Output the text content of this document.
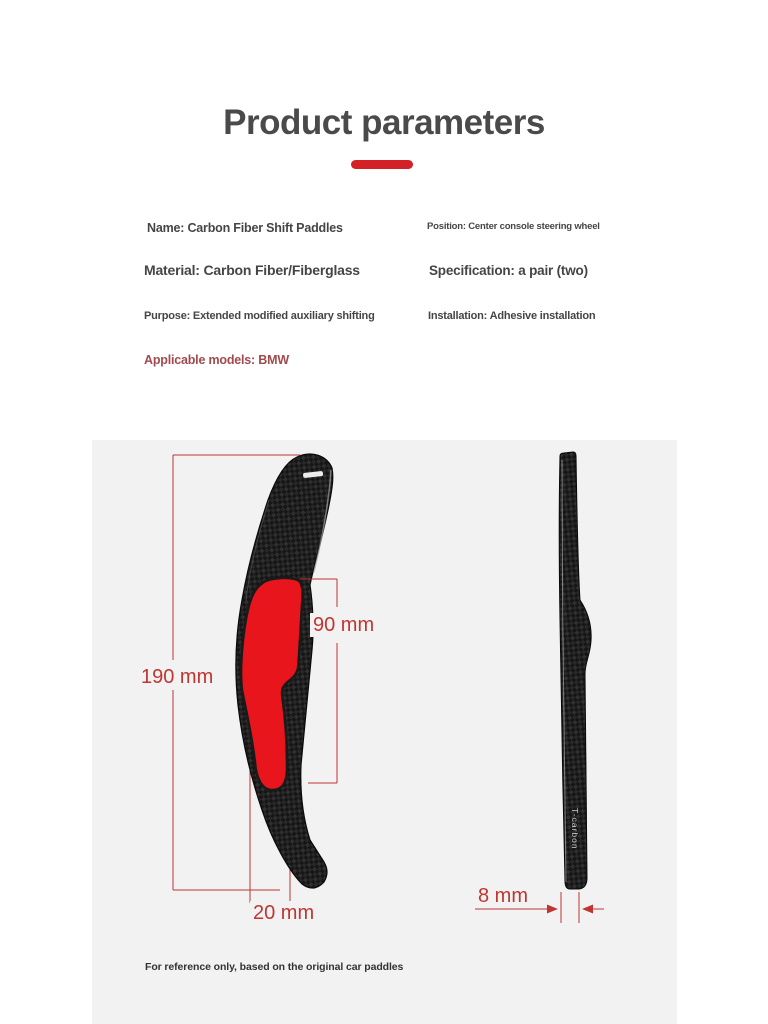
Product parameters
Name: Carbon Fiber Shift Paddles	Position: Center console steering wheel
Material: Carbon Fiber/Fiberglass	Specification: a pair (two)
Purpose: Extended modified auxiliary shifting	Installation: Adhesive installation
Applicable models: BMW
T-carbon
190 mm
90 mm
20 mm
8 mm
For reference only, based on the original car paddles
